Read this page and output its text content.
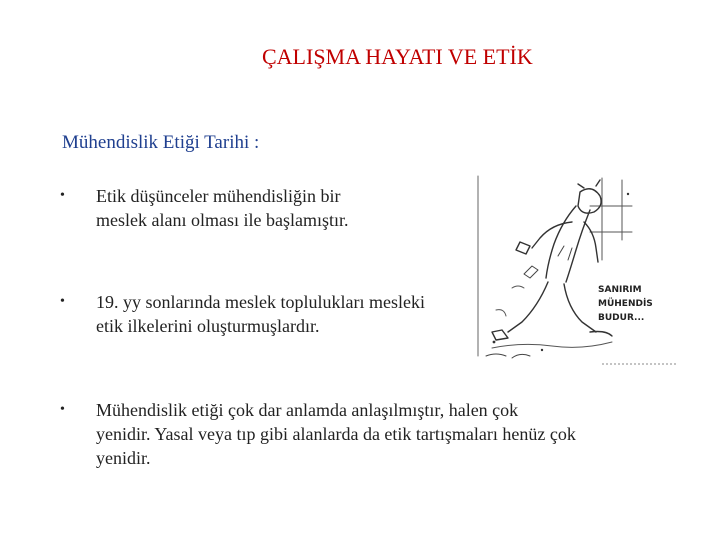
ÇALIŞMA HAYATI VE ETİK
Mühendislik Etiği Tarihi :
• Etik düşünceler mühendisliğin bir meslek alanı olması ile başlamıştır.
• 19. yy sonlarında meslek toplulukları mesleki etik ilkelerini oluşturmuşlardır.
• Mühendislik etiği çok dar anlamda anlaşılmıştır, halen çok yenidir. Yasal veya tıp gibi alanlarda da etik tartışmaları henüz çok yenidir.
SANIRIM
MÜHENDİS
BUDUR...
